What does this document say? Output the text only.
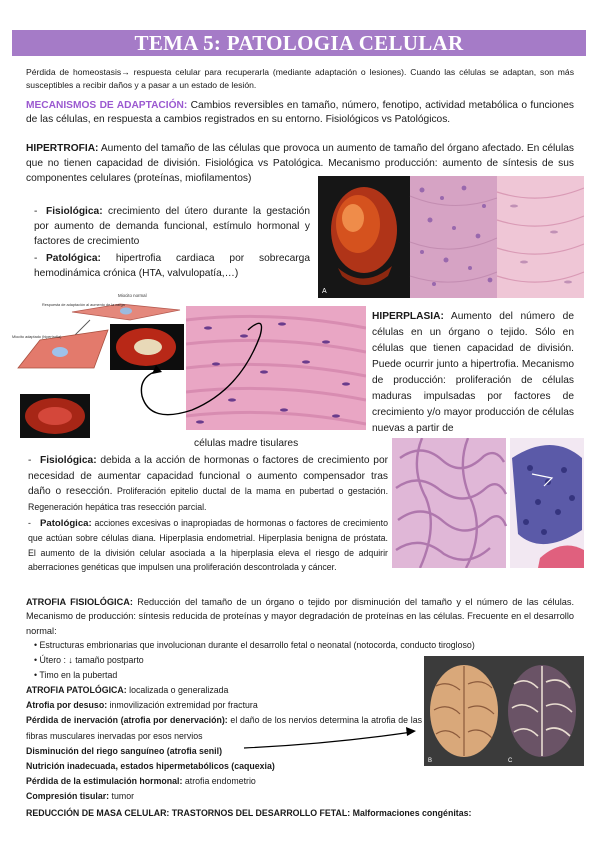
TEMA 5: PATOLOGIA CELULAR
Pérdida de homeostasis→ respuesta celular para recuperarla (mediante adaptación o lesiones). Cuando las células se adaptan, son más susceptibles a recibir daños y a pasar a un estado de lesión.
MECANISMOS DE ADAPTACIÓN: Cambios reversibles en tamaño, número, fenotipo, actividad metabólica o funciones de las células, en respuesta a cambios registrados en su entorno. Fisiológicos vs Patológicos.
HIPERTROFIA: Aumento del tamaño de las células que provoca un aumento de tamaño del órgano afectado. En células que no tienen capacidad de división. Fisiológica vs Patológica. Mecanismo producción: aumento de síntesis de sus componentes celulares (proteínas, miofilamentos)
- Fisiológica: crecimiento del útero durante la gestación por aumento de demanda funcional, estímulo hormonal y factores de crecimiento
- Patológica: hipertrofia cardiaca por sobrecarga hemodinámica crónica (HTA, valvulopatía,…)
A
Miocito normal
Respuesta de adaptación al aumento de la carga
Miocito adaptado (hipertrofia)
HIPERPLASIA: Aumento del número de células en un órgano o tejido. Sólo en células que tienen capacidad de división. Puede ocurrir junto a hipertrofia. Mecanismo de producción: proliferación de células maduras impulsadas por factores de crecimiento y/o mayor producción de células nuevas a partir de
células madre tisulares
- Fisiológica: debida a la acción de hormonas o factores de crecimiento por necesidad de aumentar capacidad funcional o aumento compensador tras daño o resección. Proliferación epitelio ductal de la mama en pubertad o gestación. Regeneración hepática tras resección parcial.
- Patológica: acciones excesivas o inapropiadas de hormonas o factores de crecimiento que actúan sobre células diana. Hiperplasia endometrial. Hiperplasia benigna de próstata. El aumento de la división celular asociada a la hiperplasia eleva el riesgo de adquirir aberraciones genéticas que impulsen una proliferación descontrolada y cáncer.
ATROFIA FISIOLÓGICA: Reducción del tamaño de un órgano o tejido por disminución del tamaño y el número de las células. Mecanismo de producción: síntesis reducida de proteínas y mayor degradación de proteínas en las células. Frecuente en el desarrollo normal:
• Estructuras embrionarias que involucionan durante el desarrollo fetal o neonatal (notocorda, conducto tirogloso)
• Útero : ↓ tamaño postparto
• Timo en la pubertad
ATROFIA PATOLÓGICA: localizada o generalizada
Atrofia por desuso: inmovilización extremidad por fractura
Pérdida de inervación (atrofia por denervación): el daño de los nervios determina la atrofia de las fibras musculares inervadas por esos nervios
Disminución del riego sanguíneo (atrofia senil)
Nutrición inadecuada, estados hipermetabólicos (caquexia)
Pérdida de la estimulación hormonal: atrofia endometrio
Compresión tisular: tumor
B	C
REDUCCIÓN DE MASA CELULAR: TRASTORNOS DEL DESARROLLO FETAL: Malformaciones congénitas:
